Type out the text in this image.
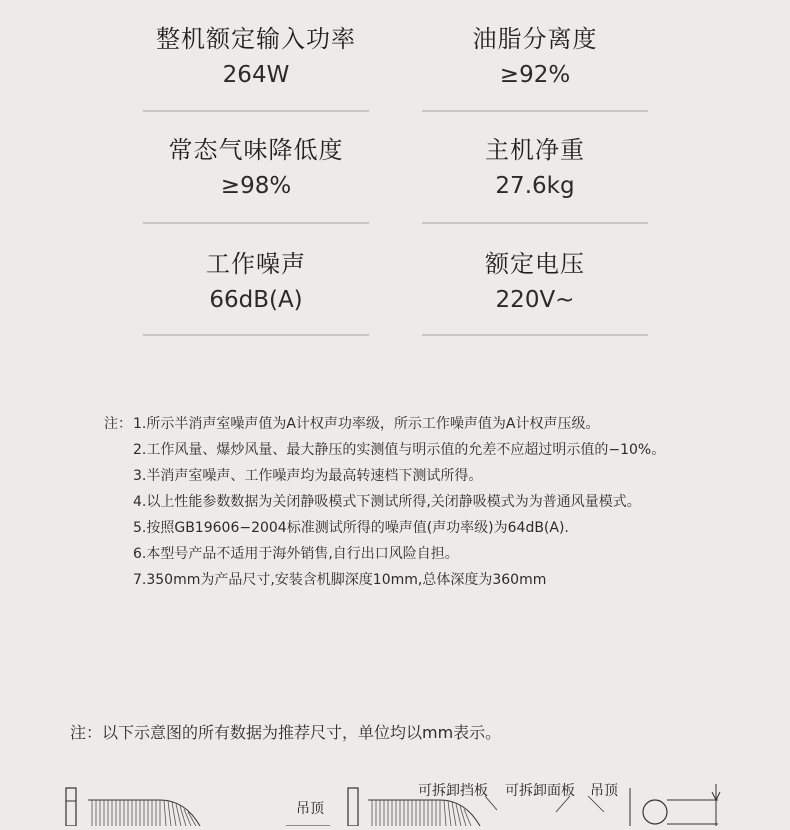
整机额定输入功率
264W
油脂分离度
≥92%
常态气味降低度
≥98%
主机净重
27.6kg
工作噪声
66dB(A)
额定电压
220V~
注： 1.所示半消声室噪声值为A计权声功率级，所示工作噪声值为A计权声压级。
2.工作风量、爆炒风量、最大静压的实测值与明示值的允差不应超过明示值的−10%。
3.半消声室噪声、工作噪声均为最高转速档下测试所得。
4.以上性能参数数据为关闭静吸模式下测试所得,关闭静吸模式为为普通风量模式。
5.按照GB19606−2004标准测试所得的噪声值(声功率级)为64dB(A).
6.本型号产品不适用于海外销售,自行出口风险自担。
7.350mm为产品尺寸,安装含机脚深度10mm,总体深度为360mm
注：以下示意图的所有数据为推荐尺寸，单位均以mm表示。
吊顶
可拆卸挡板 可拆卸面板 吊顶
